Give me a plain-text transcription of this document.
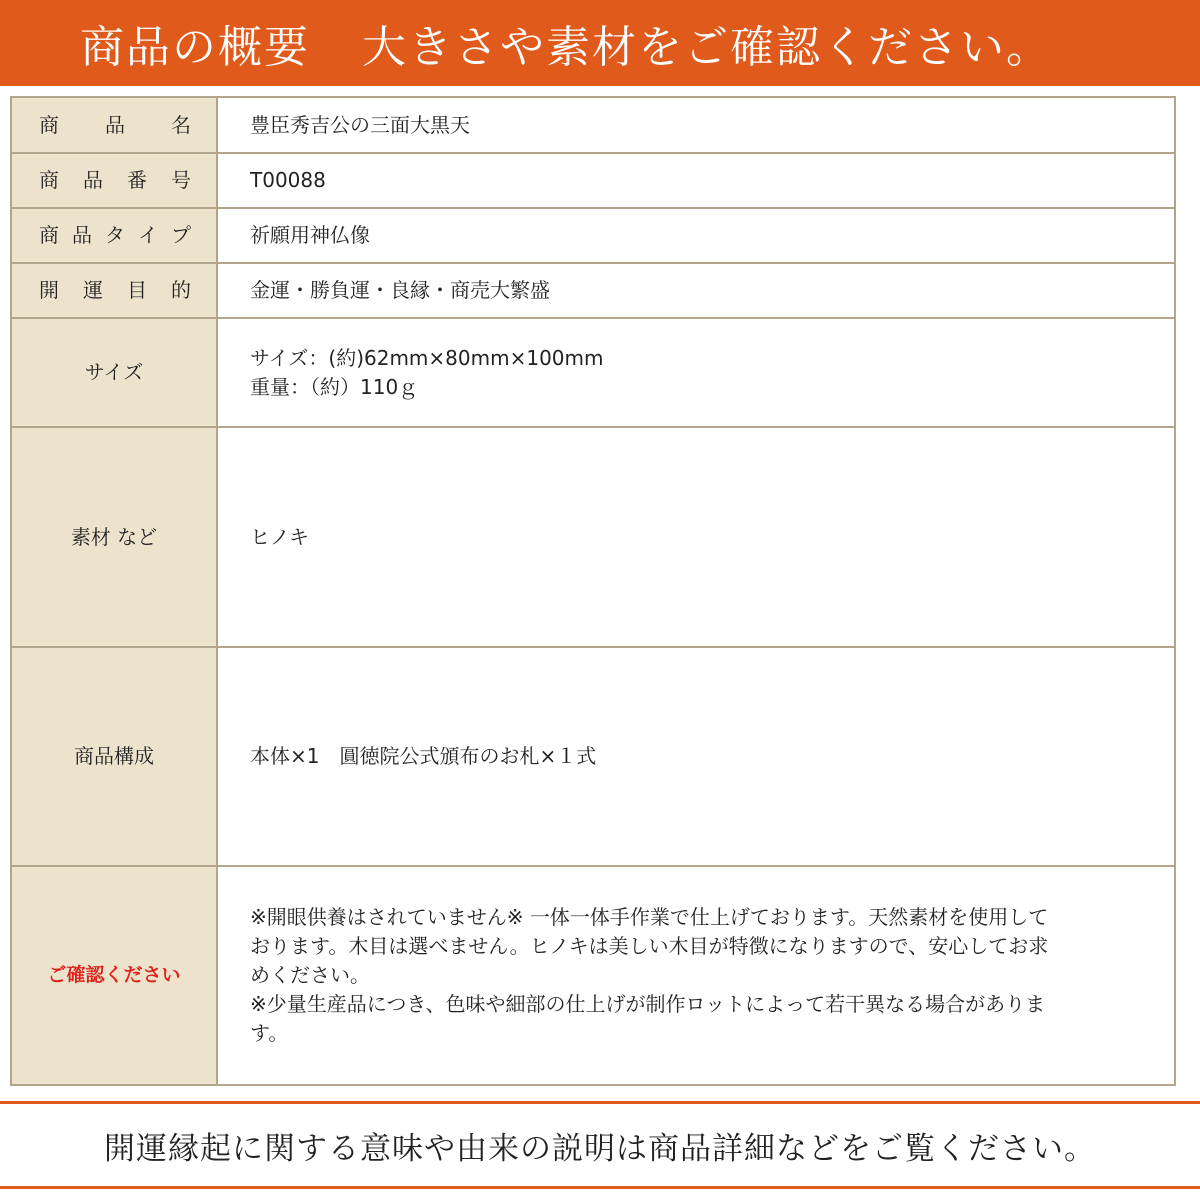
商品の概要 大きさや素材をご確認ください。
商 品 名	豊臣秀吉公の三面大黒天

商 品 番 号	T00088

商 品 タ イ プ	祈願用神仏像

開 運 目 的	金運・勝負運・良縁・商売大繁盛
サイズ	サイズ：(約)62mm×80mm×100mm
重量：（約）110ｇ

素材 など	ヒノキ
商品構成	本体×1　圓徳院公式頒布のお札×１式
ご確認ください	※開眼供養はされていません※ 一体一体手作業で仕上げております。天然素材を使用して
おります。木目は選べません。ヒノキは美しい木目が特徴になりますので、安心してお求
めください。
※少量生産品につき、色味や細部の仕上げが制作ロットによって若干異なる場合がありま
す。
開運縁起に関する意味や由来の説明は商品詳細などをご覧ください。
